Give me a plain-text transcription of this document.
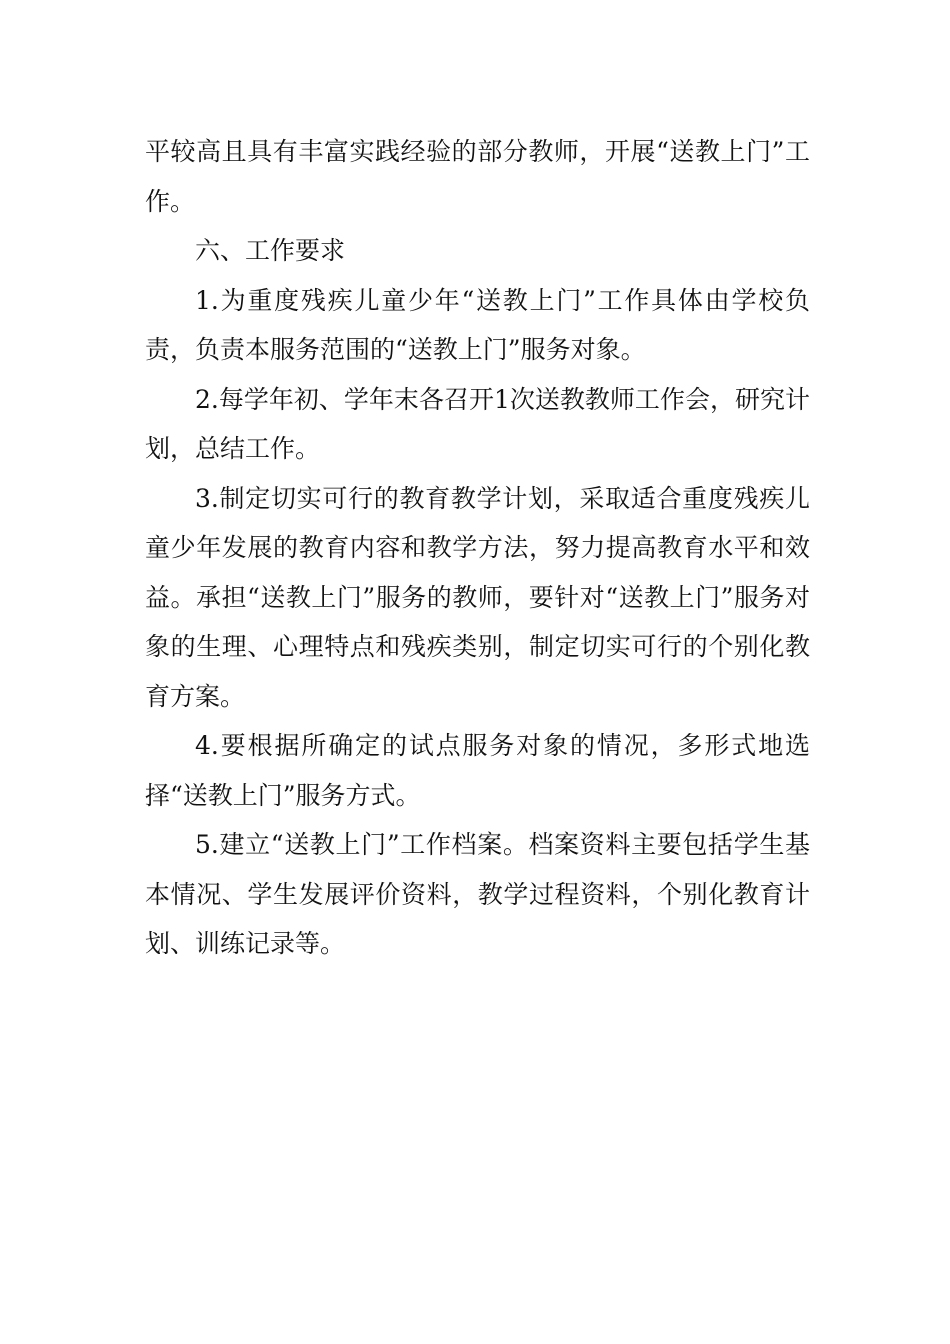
平较高且具有丰富实践经验的部分教师，开展“送教上门”工作。

六、工作要求

1.为重度残疾儿童少年“送教上门”工作具体由学校负责，负责本服务范围的“送教上门”服务对象。

2.每学年初、学年末各召开1次送教教师工作会，研究计划，总结工作。

3.制定切实可行的教育教学计划，采取适合重度残疾儿童少年发展的教育内容和教学方法，努力提高教育水平和效益。承担“送教上门”服务的教师，要针对“送教上门”服务对象的生理、心理特点和残疾类别，制定切实可行的个别化教育方案。

4.要根据所确定的试点服务对象的情况，多形式地选择“送教上门”服务方式。

5.建立“送教上门”工作档案。档案资料主要包括学生基本情况、学生发展评价资料，教学过程资料，个别化教育计划、训练记录等。
